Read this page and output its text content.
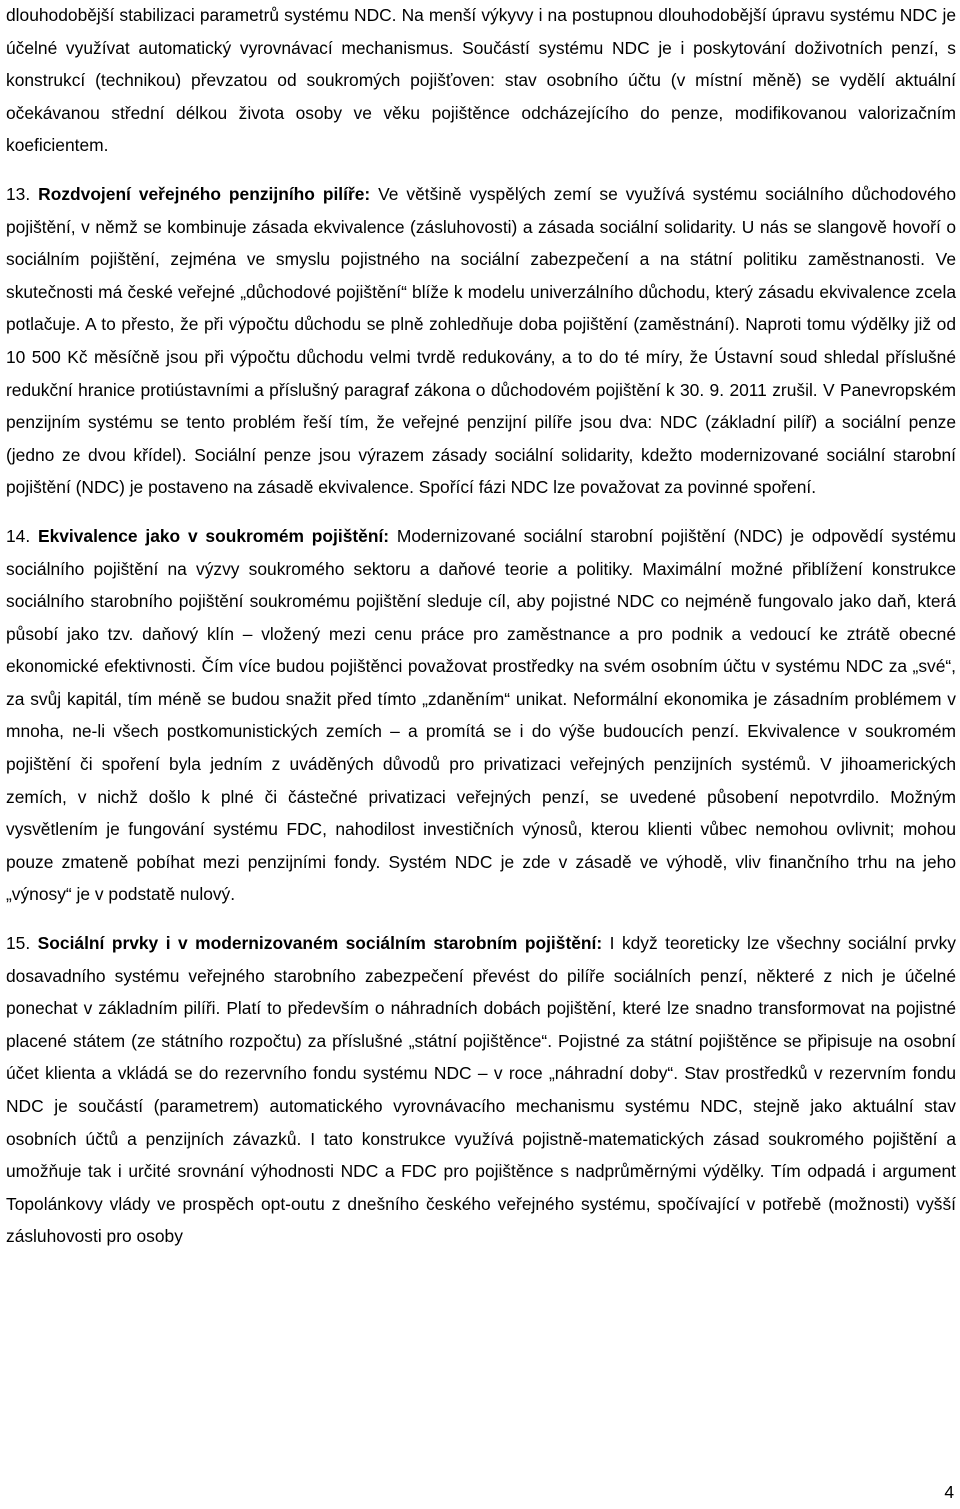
dlouhodobější stabilizaci parametrů systému NDC. Na menší výkyvy i na postupnou dlouhodobější úpravu systému NDC je účelné využívat automatický vyrovnávací mechanismus. Součástí systému NDC je i poskytování doživotních penzí, s konstrukcí (technikou) převzatou od soukromých pojišťoven: stav osobního účtu (v místní měně) se vydělí aktuální očekávanou střední délkou života osoby ve věku pojištěnce odcházejícího do penze, modifikovanou valorizačním koeficientem.

13. Rozdvojení veřejného penzijního pilíře: Ve většině vyspělých zemí se využívá systému sociálního důchodového pojištění, v němž se kombinuje zásada ekvivalence (zásluhovosti) a zásada sociální solidarity. U nás se slangově hovoří o sociálním pojištění, zejména ve smyslu pojistného na sociální zabezpečení a na státní politiku zaměstnanosti. Ve skutečnosti má české veřejné „důchodové pojištění“ blíže k modelu univerzálního důchodu, který zásadu ekvivalence zcela potlačuje. A to přesto, že při výpočtu důchodu se plně zohledňuje doba pojištění (zaměstnání). Naproti tomu výdělky již od 10 500 Kč měsíčně jsou při výpočtu důchodu velmi tvrdě redukovány, a to do té míry, že Ústavní soud shledal příslušné redukční hranice protiústavními a příslušný paragraf zákona o důchodovém pojištění k 30. 9. 2011 zrušil. V Panevropském penzijním systému se tento problém řeší tím, že veřejné penzijní pilíře jsou dva: NDC (základní pilíř) a sociální penze (jedno ze dvou křídel). Sociální penze jsou výrazem zásady sociální solidarity, kdežto modernizované sociální starobní pojištění (NDC) je postaveno na zásadě ekvivalence. Spořící fázi NDC lze považovat za povinné spoření.

14. Ekvivalence jako v soukromém pojištění: Modernizované sociální starobní pojištění (NDC) je odpovědí systému sociálního pojištění na výzvy soukromého sektoru a daňové teorie a politiky. Maximální možné přiblížení konstrukce sociálního starobního pojištění soukromému pojištění sleduje cíl, aby pojistné NDC co nejméně fungovalo jako daň, která působí jako tzv. daňový klín – vložený mezi cenu práce pro zaměstnance a pro podnik a vedoucí ke ztrátě obecné ekonomické efektivnosti. Čím více budou pojištěnci považovat prostředky na svém osobním účtu v systému NDC za „své“, za svůj kapitál, tím méně se budou snažit před tímto „zdaněním“ unikat. Neformální ekonomika je zásadním problémem v mnoha, ne-li všech postkomunistických zemích – a promítá se i do výše budoucích penzí. Ekvivalence v soukromém pojištění či spoření byla jedním z uváděných důvodů pro privatizaci veřejných penzijních systémů. V jihoamerických zemích, v nichž došlo k plné či částečné privatizaci veřejných penzí, se uvedené působení nepotvrdilo. Možným vysvětlením je fungování systému FDC, nahodilost investičních výnosů, kterou klienti vůbec nemohou ovlivnit; mohou pouze zmateně pobíhat mezi penzijními fondy. Systém NDC je zde v zásadě ve výhodě, vliv finančního trhu na jeho „výnosy“ je v podstatě nulový.

15. Sociální prvky i v modernizovaném sociálním starobním pojištění: I když teoreticky lze všechny sociální prvky dosavadního systému veřejného starobního zabezpečení převést do pilíře sociálních penzí, některé z nich je účelné ponechat v základním pilíři. Platí to především o náhradních dobách pojištění, které lze snadno transformovat na pojistné placené státem (ze státního rozpočtu) za příslušné „státní pojištěnce“. Pojistné za státní pojištěnce se připisuje na osobní účet klienta a vkládá se do rezervního fondu systému NDC – v roce „náhradní doby“. Stav prostředků v rezervním fondu NDC je součástí (parametrem) automatického vyrovnávacího mechanismu systému NDC, stejně jako aktuální stav osobních účtů a penzijních závazků. I tato konstrukce využívá pojistně-matematických zásad soukromého pojištění a umožňuje tak i určité srovnání výhodnosti NDC a FDC pro pojištěnce s nadprůměrnými výdělky. Tím odpadá i argument Topolánkovy vlády ve prospěch opt-outu z dnešního českého veřejného systému, spočívající v potřebě (možnosti) vyšší zásluhovosti pro osoby

4
